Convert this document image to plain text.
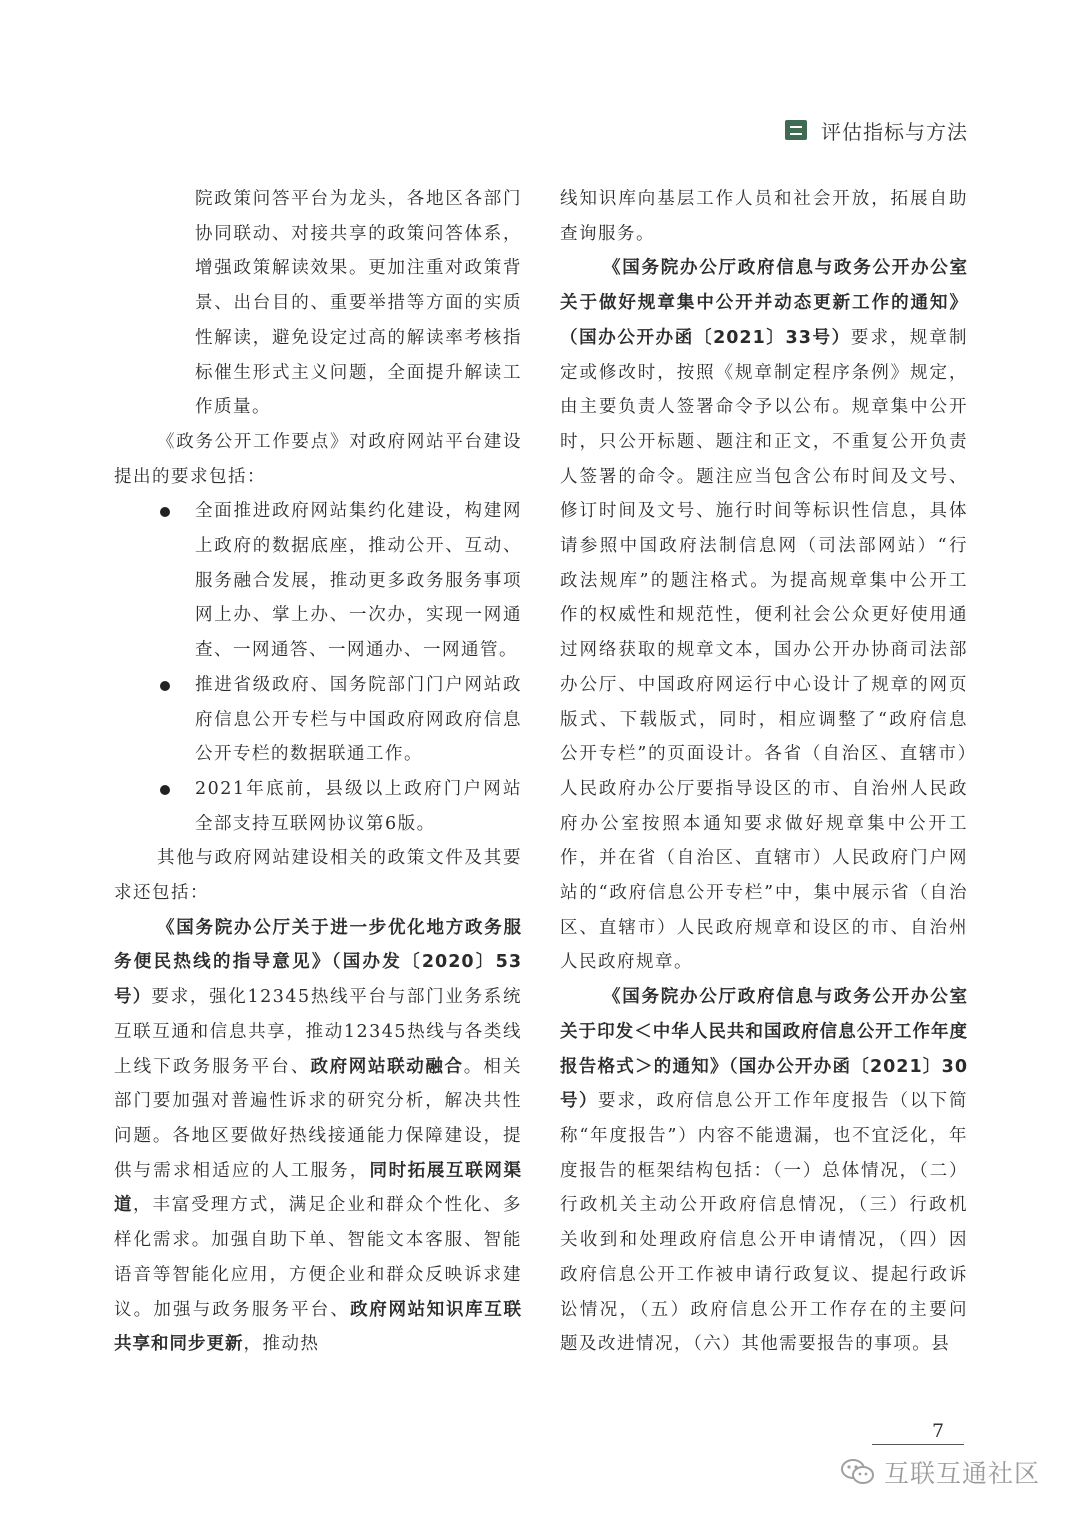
评估指标与方法

院政策问答平台为龙头，各地区各部门协同联动、对接共享的政策问答体系，增强政策解读效果。更加注重对政策背景、出台目的、重要举措等方面的实质性解读，避免设定过高的解读率考核指标催生形式主义问题，全面提升解读工作质量。

《政务公开工作要点》对政府网站平台建设提出的要求包括：

全面推进政府网站集约化建设，构建网上政府的数据底座，推动公开、互动、服务融合发展，推动更多政务服务事项网上办、掌上办、一次办，实现一网通查、一网通答、一网通办、一网通管。

推进省级政府、国务院部门门户网站政府信息公开专栏与中国政府网政府信息公开专栏的数据联通工作。

2021年底前，县级以上政府门户网站全部支持互联网协议第6版。

其他与政府网站建设相关的政策文件及其要求还包括：

《国务院办公厅关于进一步优化地方政务服务便民热线的指导意见》（国办发〔2020〕53号）要求，强化12345热线平台与部门业务系统互联互通和信息共享，推动12345热线与各类线上线下政务服务平台、政府网站联动融合。相关部门要加强对普遍性诉求的研究分析，解决共性问题。各地区要做好热线接通能力保障建设，提供与需求相适应的人工服务，同时拓展互联网渠道，丰富受理方式，满足企业和群众个性化、多样化需求。加强自助下单、智能文本客服、智能语音等智能化应用，方便企业和群众反映诉求建议。加强与政务服务平台、政府网站知识库互联共享和同步更新，推动热

线知识库向基层工作人员和社会开放，拓展自助查询服务。

《国务院办公厅政府信息与政务公开办公室关于做好规章集中公开并动态更新工作的通知》（国办公开办函〔2021〕33号）要求，规章制定或修改时，按照《规章制定程序条例》规定，由主要负责人签署命令予以公布。规章集中公开时，只公开标题、题注和正文，不重复公开负责人签署的命令。题注应当包含公布时间及文号、修订时间及文号、施行时间等标识性信息，具体请参照中国政府法制信息网（司法部网站）“行政法规库”的题注格式。为提高规章集中公开工作的权威性和规范性，便利社会公众更好使用通过网络获取的规章文本，国办公开办协商司法部办公厅、中国政府网运行中心设计了规章的网页版式、下载版式，同时，相应调整了“政府信息公开专栏”的页面设计。各省（自治区、直辖市）人民政府办公厅要指导设区的市、自治州人民政府办公室按照本通知要求做好规章集中公开工作，并在省（自治区、直辖市）人民政府门户网站的“政府信息公开专栏”中，集中展示省（自治区、直辖市）人民政府规章和设区的市、自治州人民政府规章。

《国务院办公厅政府信息与政务公开办公室关于印发＜中华人民共和国政府信息公开工作年度报告格式＞的通知》（国办公开办函〔2021〕30号）要求，政府信息公开工作年度报告（以下简称“年度报告”）内容不能遗漏，也不宜泛化，年度报告的框架结构包括：（一）总体情况，（二）行政机关主动公开政府信息情况，（三）行政机关收到和处理政府信息公开申请情况，（四）因政府信息公开工作被申请行政复议、提起行政诉讼情况，（五）政府信息公开工作存在的主要问题及改进情况，（六）其他需要报告的事项。县

7
互联互通社区
